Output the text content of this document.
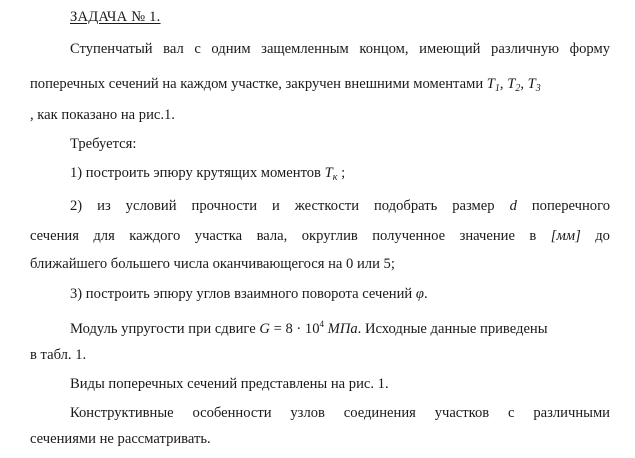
ЗАДАЧА № 1.
Ступенчатый вал с одним защемленным концом, имеющий различную форму
поперечных сечений на каждом участке, закручен внешними моментами $T_1$, $T_2$, $T_3$
, как показано на рис.1.
Требуется:
1) построить эпюру крутящих моментов $T_к$ ;
2) из условий прочности и жесткости подобрать размер d поперечного
сечения для каждого участка вала, округлив полученное значение в [мм] до
ближайшего большего числа оканчивающегося на 0 или 5;
3) построить эпюру углов взаимного поворота сечений φ.
Модуль упругости при сдвиге $G = 8 \cdot 10^4$ МПа. Исходные данные приведены
в табл. 1.
Виды поперечных сечений представлены на рис. 1.
Конструктивные особенности узлов соединения участков с различными
сечениями не рассматривать.
